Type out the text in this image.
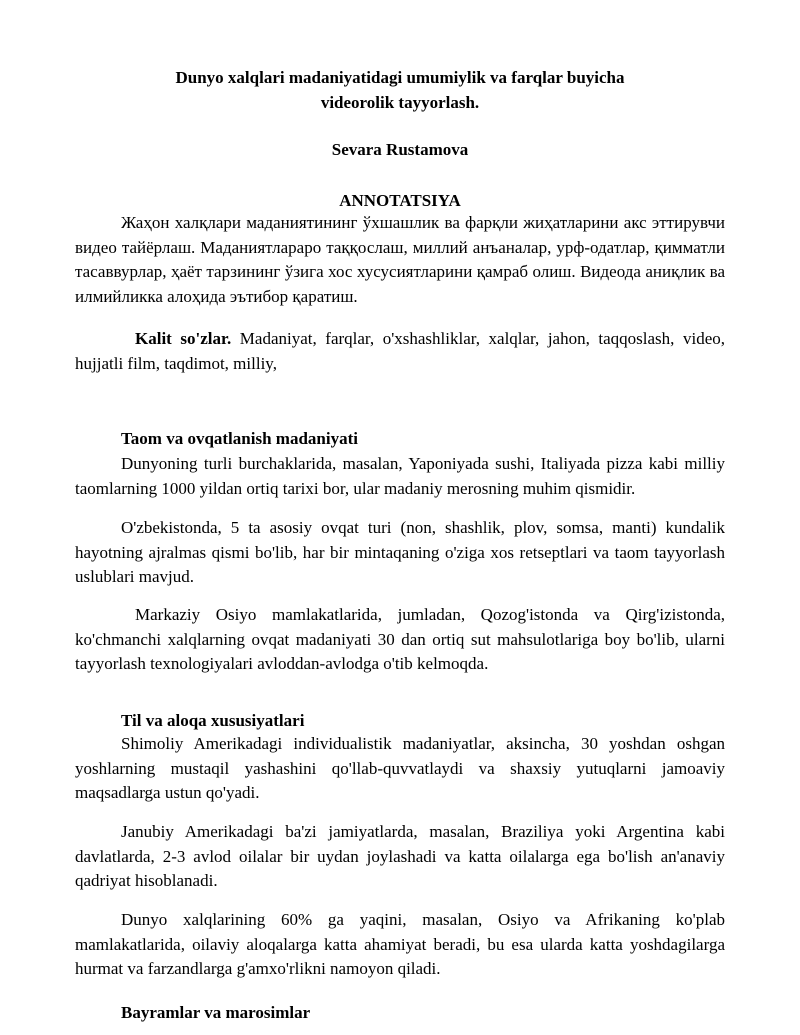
Dunyo xalqlari madaniyatidagi umumiylik va farqlar buyicha
videorolik tayyorlash.
Sevara Rustamova
ANNOTATSIYA

Жаҳон халқлари маданиятининг ўхшашлик ва фарқли жиҳатларини акс эттирувчи видео тайёрлаш. Маданиятлараро таққослаш, миллий анъаналар, урф-одатлар, қимматли тасаввурлар, ҳаёт тарзининг ўзига хос хусусиятларини қамраб олиш. Видеода аниқлик ва илмийликка алоҳида эътибор қаратиш.

Kalit so'zlar. Madaniyat, farqlar, o'xshashliklar, xalqlar, jahon, taqqoslash, video, hujjatli film, taqdimot, milliy,

Taom va ovqatlanish madaniyati

Dunyoning turli burchaklarida, masalan, Yaponiyada sushi, Italiyada pizza kabi milliy taomlarning 1000 yildan ortiq tarixi bor, ular madaniy merosning muhim qismidir.

O'zbekistonda, 5 ta asosiy ovqat turi (non, shashlik, plov, somsa, manti) kundalik hayotning ajralmas qismi bo'lib, har bir mintaqaning o'ziga xos retseptlari va taom tayyorlash uslublari mavjud.

Markaziy Osiyo mamlakatlarida, jumladan, Qozog'istonda va Qirg'izistonda, ko'chmanchi xalqlarning ovqat madaniyati 30 dan ortiq sut mahsulotlariga boy bo'lib, ularni tayyorlash texnologiyalari avloddan-avlodga o'tib kelmoqda.

Til va aloqa xususiyatlari

Shimoliy Amerikadagi individualistik madaniyatlar, aksincha, 30 yoshdan oshgan yoshlarning mustaqil yashashini qo'llab-quvvatlaydi va shaxsiy yutuqlarni jamoaviy maqsadlarga ustun qo'yadi.

Janubiy Amerikadagi ba'zi jamiyatlarda, masalan, Braziliya yoki Argentina kabi davlatlarda, 2-3 avlod oilalar bir uydan joylashadi va katta oilalarga ega bo'lish an'anaviy qadriyat hisoblanadi.

Dunyo xalqlarining 60% ga yaqini, masalan, Osiyo va Afrikaning ko'plab mamlakatlarida, oilaviy aloqalarga katta ahamiyat beradi, bu esa ularda katta yoshdagilarga hurmat va farzandlarga g'amxo'rlikni namoyon qiladi.

Bayramlar va marosimlar
